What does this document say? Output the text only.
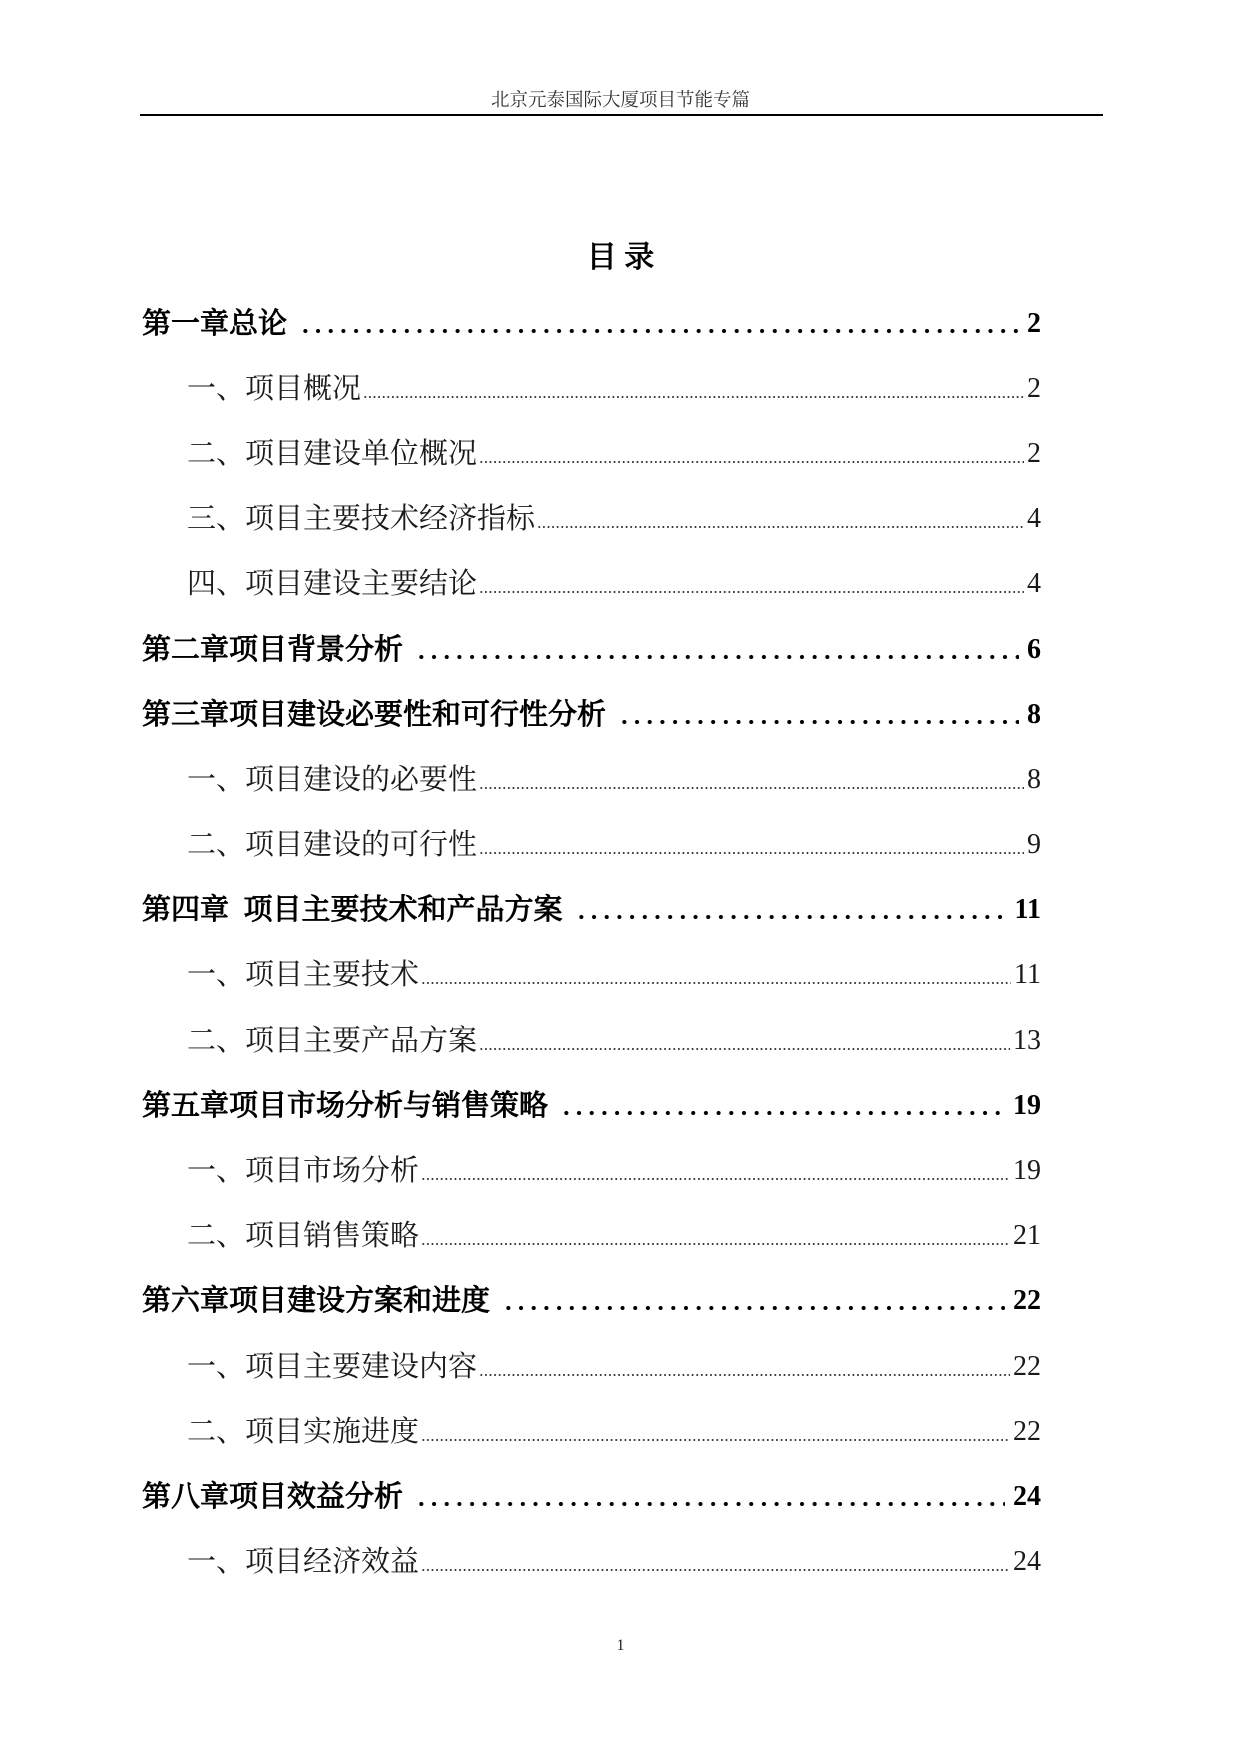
北京元泰国际大厦项目节能专篇
目 录
第一章总论	2
一、项目概况	2
二、项目建设单位概况	2
三、项目主要技术经济指标	4
四、项目建设主要结论	4
第二章项目背景分析	6
第三章项目建设必要性和可行性分析	8
一、项目建设的必要性	8
二、项目建设的可行性	9
第四章  项目主要技术和产品方案	11
一、项目主要技术	11
二、项目主要产品方案	13
第五章项目市场分析与销售策略	19
一、项目市场分析	19
二、项目销售策略	21
第六章项目建设方案和进度	22
一、项目主要建设内容	22
二、项目实施进度	22
第八章项目效益分析	24
一、项目经济效益	24
1
